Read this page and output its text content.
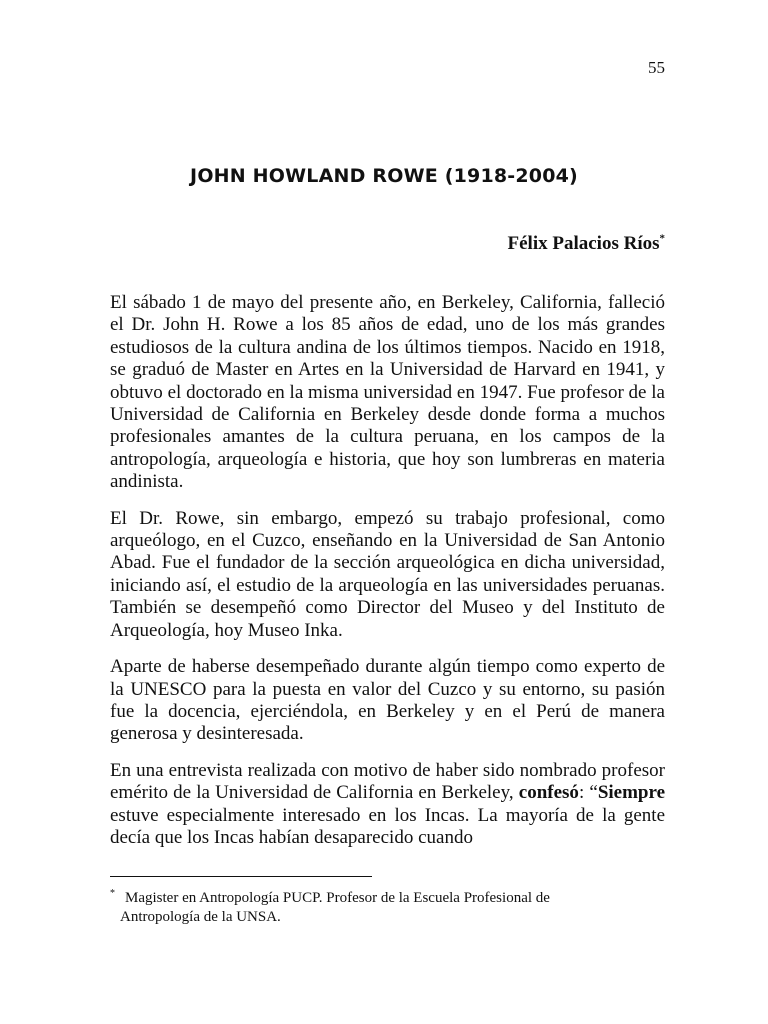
55
JOHN HOWLAND ROWE (1918-2004)
Félix Palacios Ríos*

El sábado 1 de mayo del presente año, en Berkeley, California, falleció el Dr. John H. Rowe a los 85 años de edad, uno de los más grandes estudiosos de la cultura andina de los últimos tiempos. Nacido en 1918, se graduó de Master en Artes en la Universidad de Harvard en 1941, y obtuvo el doctorado en la misma universidad en 1947. Fue profesor de la Universidad de California en Berkeley desde donde forma a muchos profesionales amantes de la cultura peruana, en los campos de la antropología, arqueología e historia, que hoy son lumbreras en materia andinista.

El Dr. Rowe, sin embargo, empezó su trabajo profesional, como arqueólogo, en el Cuzco, enseñando en la Universidad de San Antonio Abad. Fue el fundador de la sección arqueológica en dicha universidad, iniciando así, el estudio de la arqueología en las universidades peruanas. También se desempeñó como Director del Museo y del Instituto de Arqueología, hoy Museo Inka.

Aparte de haberse desempeñado durante algún tiempo como experto de la UNESCO para la puesta en valor del Cuzco y su entorno, su pasión fue la docencia, ejerciéndola, en Berkeley y en el Perú de manera generosa y desinteresada.

En una entrevista realizada con motivo de haber sido nombrado profesor emérito de la Universidad de California en Berkeley, confesó: “Siempre estuve especialmente interesado en los Incas. La mayoría de la gente decía que los Incas habían desaparecido cuando

* Magister en Antropología PUCP. Profesor de la Escuela Profesional de
Antropología de la UNSA.
